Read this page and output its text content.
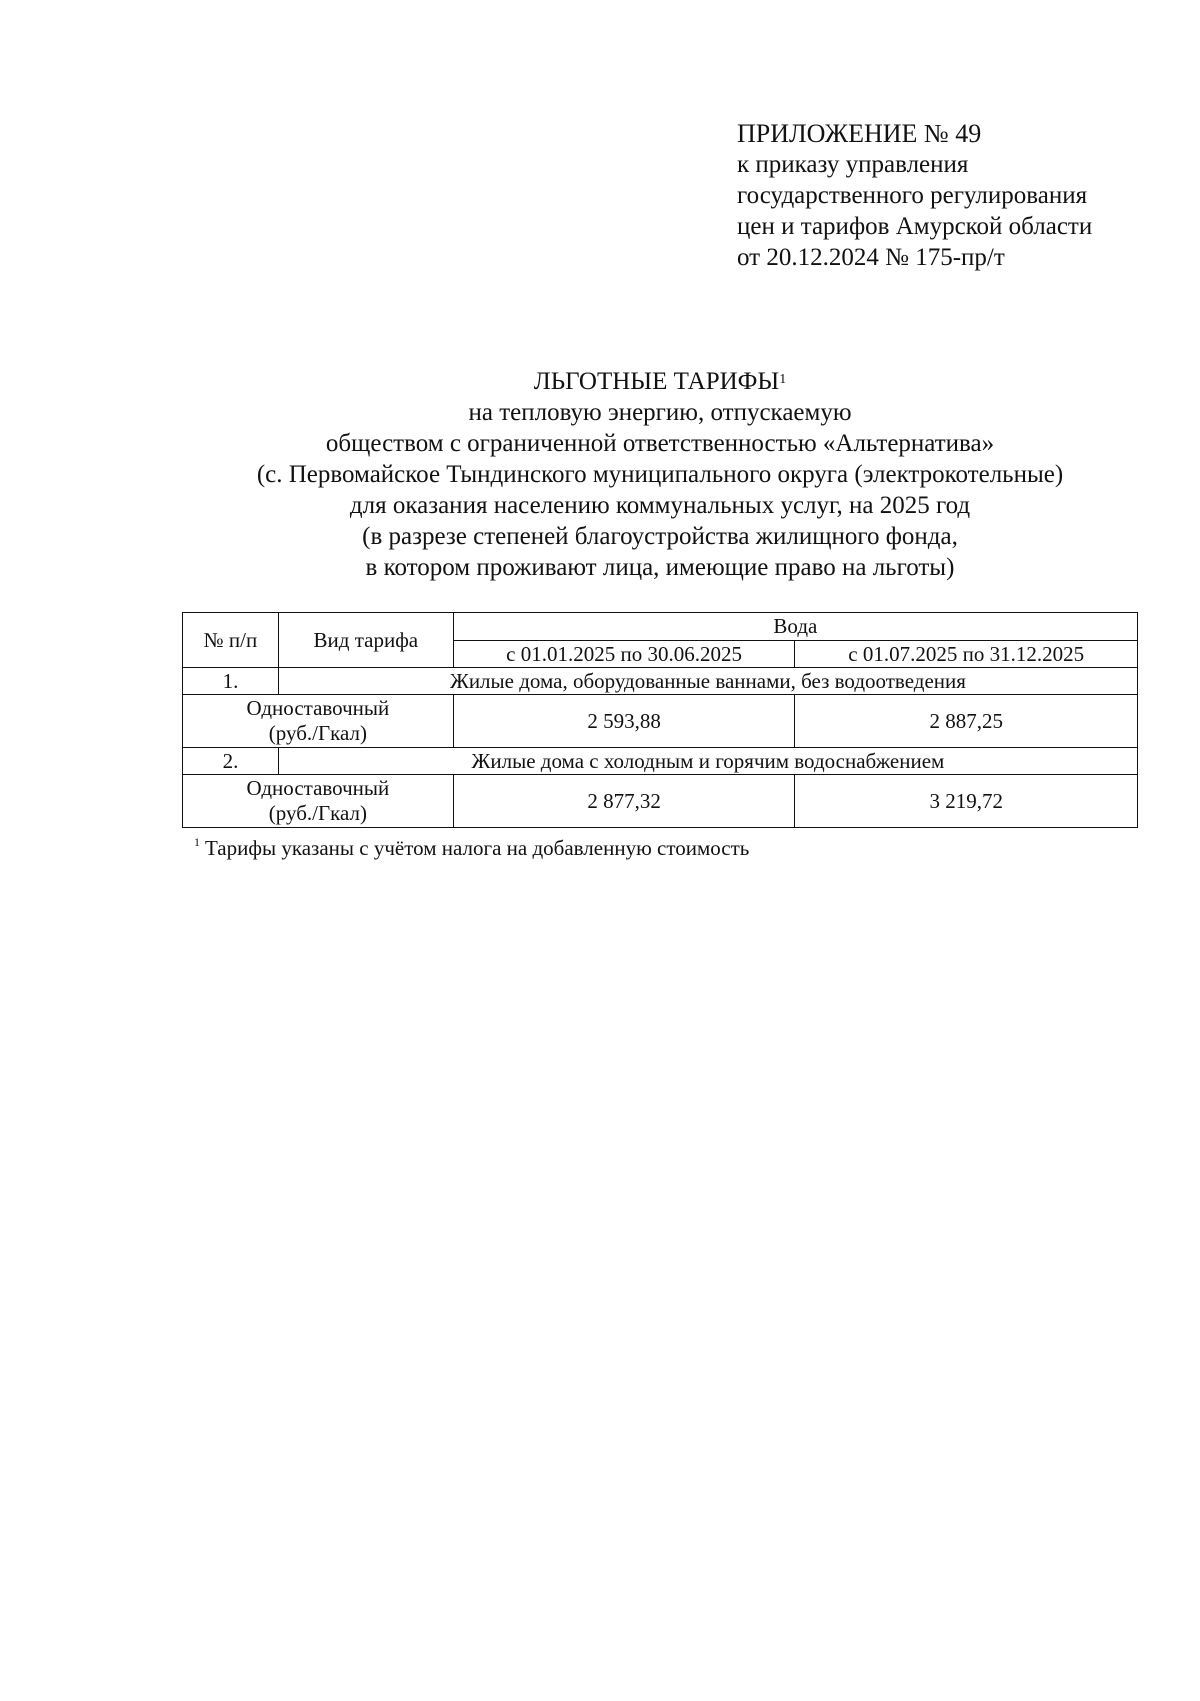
ПРИЛОЖЕНИЕ № 49
к приказу управления
государственного регулирования
цен и тарифов Амурской области
от 20.12.2024 № 175-пр/т
ЛЬГОТНЫЕ ТАРИФЫ$^1$
на тепловую энергию, отпускаемую
обществом с ограниченной ответственностью «Альтернатива»
(с. Первомайское Тындинского муниципального округа (электрокотельные)
для оказания населению коммунальных услуг, на 2025 год
(в разрезе степеней благоустройства жилищного фонда,
в котором проживают лица, имеющие право на льготы)
№ п/п	Вид тарифа	Вода	
		с 01.01.2025 по 30.06.2025	с 01.07.2025 по 31.12.2025
1.	Жилые дома, оборудованные ваннами, без водоотведения		

Одноставочный
(руб./Гкал)		2 593,88	2 887,25
2.	Жилые дома с холодным и горячим водоснабжением		

Одноставочный
(руб./Гкал)		2 877,32	3 219,72
$^1$ Тарифы указаны с учётом налога на добавленную стоимость
